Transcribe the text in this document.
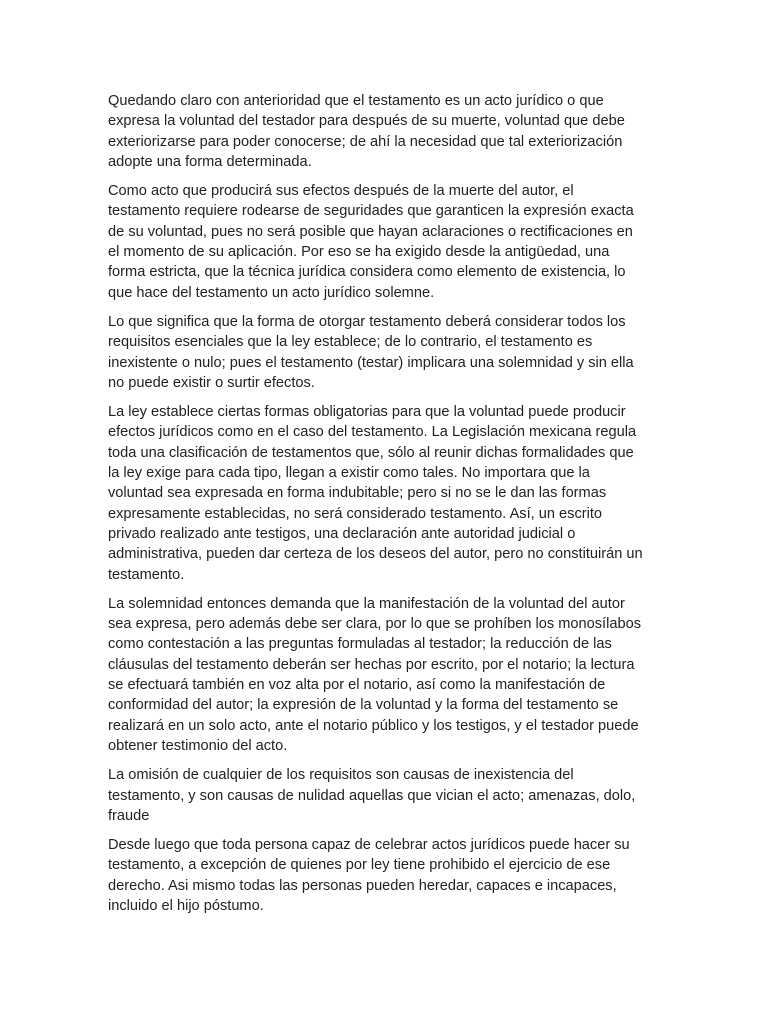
Quedando claro con anterioridad que el testamento es un acto jurídico o que
expresa la voluntad del testador para después de su muerte, voluntad que debe
exteriorizarse para poder conocerse; de ahí la necesidad que tal exteriorización
adopte una forma determinada.

Como acto que producirá sus efectos después de la muerte del autor, el
testamento requiere rodearse de seguridades que garanticen la expresión exacta
de su voluntad, pues no será posible que hayan aclaraciones o rectificaciones en
el momento de su aplicación. Por eso se ha exigido desde la antigüedad, una
forma estricta, que la técnica jurídica considera como elemento de existencia, lo
que hace del testamento un acto jurídico solemne.

Lo que significa que la forma de otorgar testamento deberá considerar todos los
requisitos esenciales que la ley establece; de lo contrario, el testamento es
inexistente o nulo; pues el testamento (testar) implicara una solemnidad y sin ella
no puede existir o surtir efectos.

La ley establece ciertas formas obligatorias para que la voluntad puede producir
efectos jurídicos como en el caso del testamento. La Legislación mexicana regula
toda una clasificación de testamentos que, sólo al reunir dichas formalidades que
la ley exige para cada tipo, llegan a existir como tales. No importara que la
voluntad sea expresada en forma indubitable; pero si no se le dan las formas
expresamente establecidas, no será considerado testamento. Así, un escrito
privado realizado ante testigos, una declaración ante autoridad judicial o
administrativa, pueden dar certeza de los deseos del autor, pero no constituirán un
testamento.

La solemnidad entonces demanda que la manifestación de la voluntad del autor
sea expresa, pero además debe ser clara, por lo que se prohíben los monosílabos
como contestación a las preguntas formuladas al testador; la reducción de las
cláusulas del testamento deberán ser hechas por escrito, por el notario; la lectura
se efectuará también en voz alta por el notario, así como la manifestación de
conformidad del autor; la expresión de la voluntad y la forma del testamento se
realizará en un solo acto, ante el notario público y los testigos, y el testador puede
obtener testimonio del acto.

La omisión de cualquier de los requisitos son causas de inexistencia del
testamento, y son causas de nulidad aquellas que vician el acto; amenazas, dolo,
fraude

Desde luego que toda persona capaz de celebrar actos jurídicos puede hacer su
testamento, a excepción de quienes por ley tiene prohibido el ejercicio de ese
derecho. Asi mismo todas las personas pueden heredar, capaces e incapaces,
incluido el hijo póstumo.
